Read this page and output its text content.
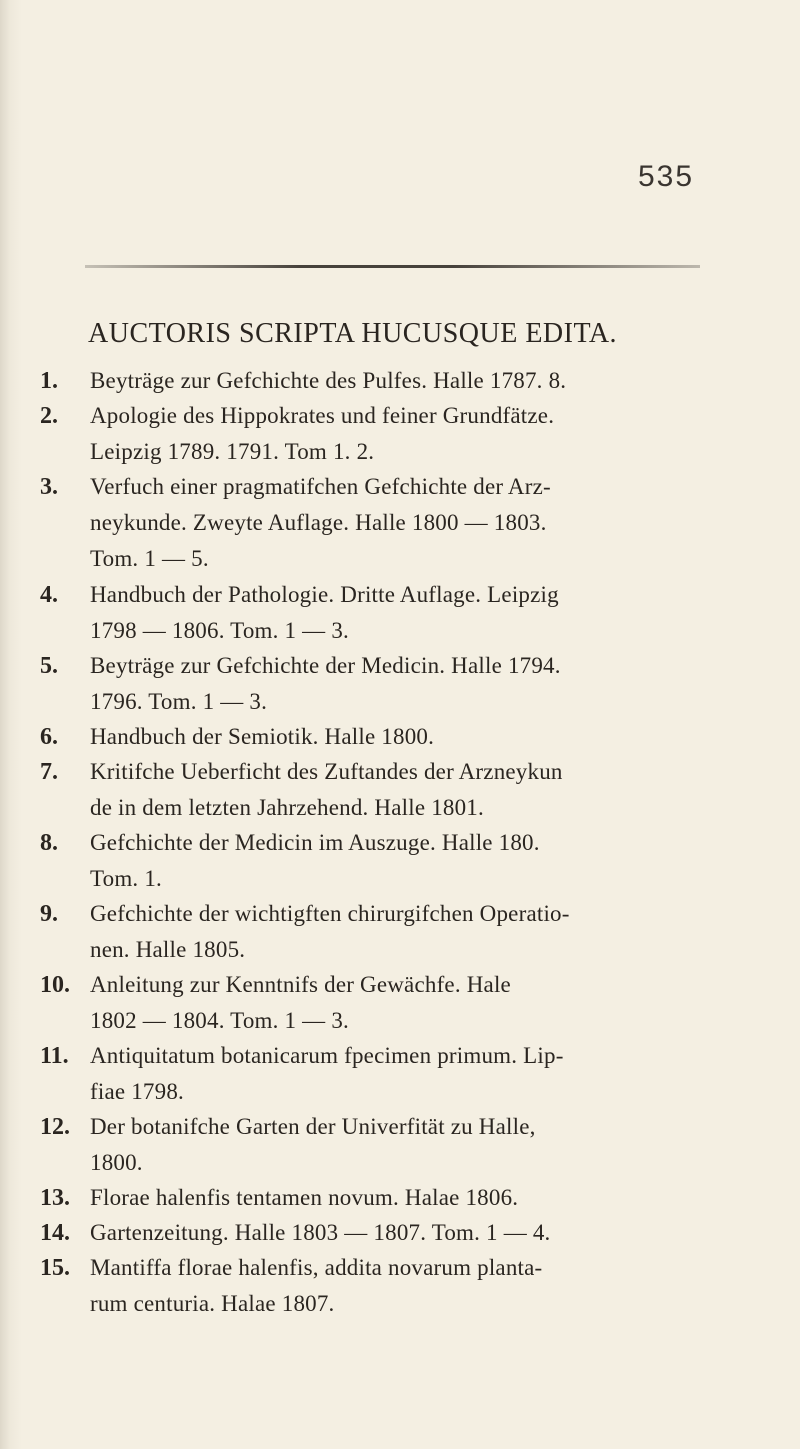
535
AUCTORIS SCRIPTA HUCUSQUE EDITA.
1.	Beyträge zur Gefchichte des Pulfes. Halle 1787. 8.
2.	Apologie des Hippokrates und feiner Grundfätze.
Leipzig 1789. 1791. Tom 1. 2.
3.	Verfuch einer pragmatifchen Gefchichte der Arz-
neykunde. Zweyte Auflage. Halle 1800 — 1803.
Tom. 1 — 5.
4.	Handbuch der Pathologie. Dritte Auflage. Leipzig
1798 — 1806. Tom. 1 — 3.
5.	Beyträge zur Gefchichte der Medicin. Halle 1794.
1796. Tom. 1 — 3.
6.	Handbuch der Semiotik. Halle 1800.
7.	Kritifche Ueberficht des Zuftandes der Arzneykun
de in dem letzten Jahrzehend. Halle 1801.
8.	Gefchichte der Medicin im Auszuge. Halle 180.
Tom. 1.
9.	Gefchichte der wichtigften chirurgifchen Operatio-
nen. Halle 1805.
10. Anleitung zur Kenntnifs der Gewächfe. Hale
1802 — 1804. Tom. 1 — 3.
11. Antiquitatum botanicarum fpecimen primum. Lip-
fiae 1798.
12. Der botanifche Garten der Univerfität zu Halle,
1800.
13. Florae halenfis tentamen novum. Halae 1806.
14. Gartenzeitung. Halle 1803 — 1807. Tom. 1 — 4.
15. Mantiffa florae halenfis, addita novarum planta-
rum centuria. Halae 1807.
